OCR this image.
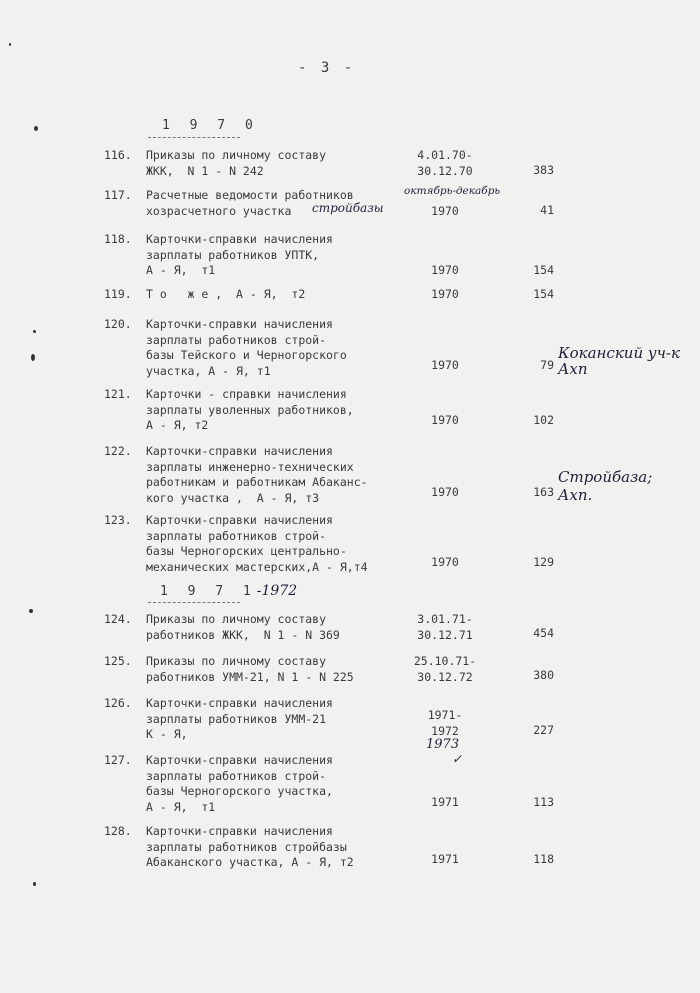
- 3 -
1 9 7 0
116.	Приказы по личному составу
ЖКК,  N 1 - N 242
4.01.70-
30.12.70	383
117.	Расчетные ведомости работников
хозрасчетного участка	
1970	41
стройбазы
октябрь-декабрь
118.	Карточки-справки начисления
зарплаты работников УПТК,
А - Я,  т1	1970	154
119.	Т о   ж е ,  А - Я,  т2	1970	154
120.	Карточки-справки начисления
зарплаты работников строй-
базы Тейского и Черногорского
участка, А - Я, т1	1970	79
Коканский уч-к
Ахп
121.	Карточки - справки начисления
зарплаты уволенных работников,
А - Я, т2	1970	102
122.	Карточки-справки начисления
зарплаты инженерно-технических
работникам и работникам Абаканс-
кого участка ,  А - Я, т3	1970	163
Стройбаза;
Ахп.
123.	Карточки-справки начисления
зарплаты работников строй-
базы Черногорских центрально-
механических мастерских,А - Я,т4	1970	129
1 9 7 1-1972
124.	Приказы по личному составу
работников ЖКК,  N 1 - N 369
3.01.71-
30.12.71	454
125.	Приказы по личному составу
работников УММ-21, N 1 - N 225
25.10.71-
30.12.72	380
126.	Карточки-справки начисления
зарплаты работников УММ-21
К - Я,
1971-
1972	227
1973
✓
127.	Карточки-справки начисления
зарплаты работников строй-
базы Черногорского участка,
А - Я,  т1	1971	113
128.	Карточки-справки начисления
зарплаты работников стройбазы
Абаканского участка, А - Я, т2	1971	118
